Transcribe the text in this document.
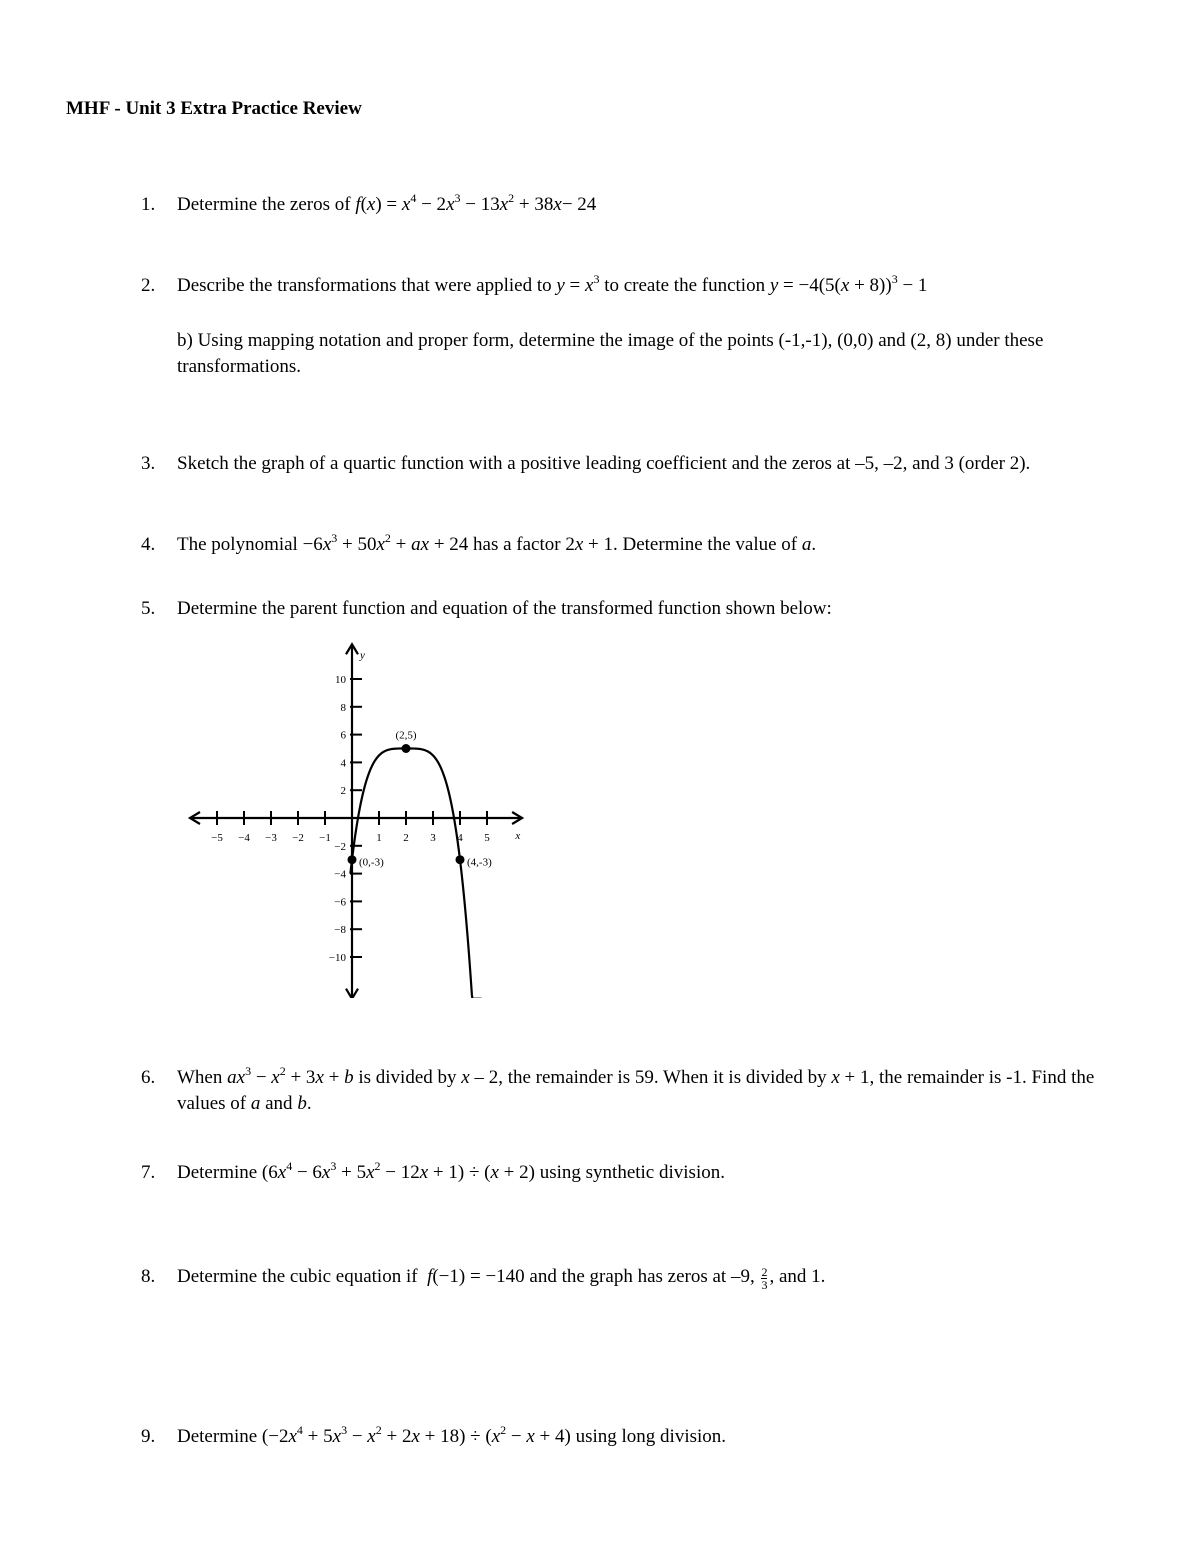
MHF - Unit 3 Extra Practice Review
1. Determine the zeros of $f(x) = x^4 - 2x^3 - 13x^2 + 38x- 24$
2. Describe the transformations that were applied to $y = x^3$ to create the function $y = -4(5(x + 8))^3 - 1$
b) Using mapping notation and proper form, determine the image of the points (-1,-1), (0,0) and (2, 8) under these transformations.
3. Sketch the graph of a quartic function with a positive leading coefficient and the zeros at –5, –2, and 3 (order 2).
4. The polynomial $-6x^3 + 50x^2$ + ax + 24 has a factor 2x + 1. Determine the value of a.
5. Determine the parent function and equation of the transformed function shown below:
x
y
−5 −4 −3 −2 −1	1 2 3 4 5
10
8
6
4
2
−2
−4
−6
−8
−10
(2,5)
(0,-3)	(4,-3)
6. When $ax^3 - x^2 + 3x + b$ is divided by x – 2, the remainder is 59. When it is divided by x + 1, the remainder is -1. Find the values of a and b.
7. Determine $(6x^4 - 6x^3 + 5x^2 - 12x + 1) \div (x + 2)$ using synthetic division.
8. Determine the cubic equation if f(−1) = −140 and the graph has zeros at –9, $\frac{2}{3}$ , and 1.
9. Determine $(-2x^4 + 5x^3 - x^2 + 2x + 18) \div (x^2 - x + 4)$ using long division.
